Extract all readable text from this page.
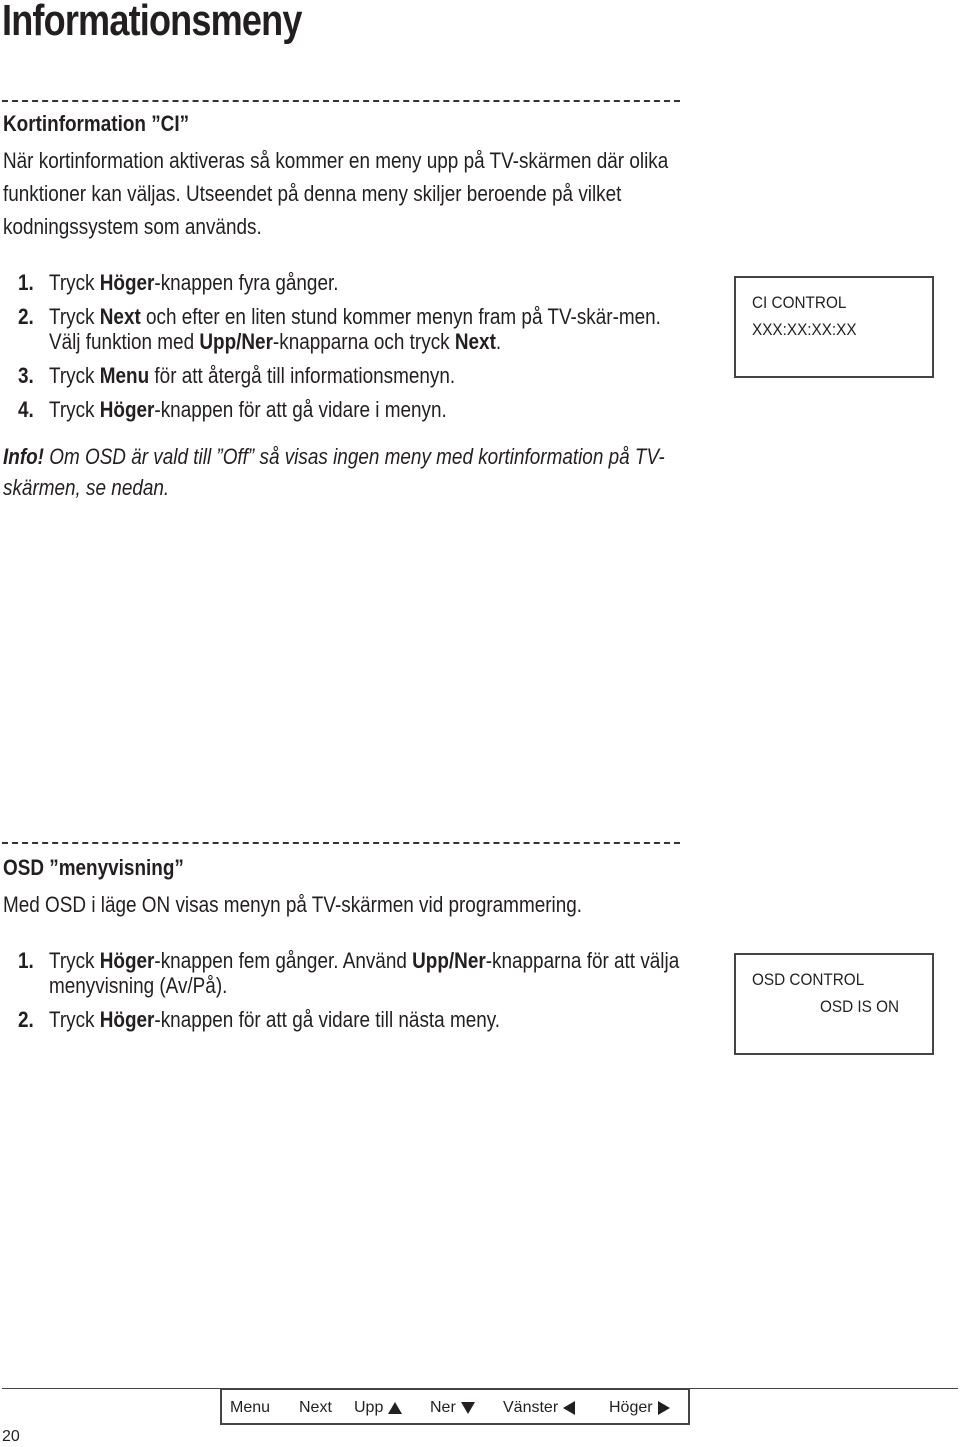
Informationsmeny
Kortinformation ”CI”
När kortinformation aktiveras så kommer en meny upp på TV-skärmen där olika funktioner kan väljas. Utseendet på denna meny skiljer beroende på vilket kodningssystem som används.
1. Tryck Höger-knappen fyra gånger.
2. Tryck Next och efter en liten stund kommer menyn fram på TV-skär-men. Välj funktion med Upp/Ner-knapparna och tryck Next.
3. Tryck Menu för att återgå till informationsmenyn.
4. Tryck Höger-knappen för att gå vidare i menyn.
Info! Om OSD är vald till ”Off” så visas ingen meny med kortinformation på TV-skärmen, se nedan.
CI CONTROL
XXX:XX:XX:XX
OSD ”menyvisning”
Med OSD i läge ON visas menyn på TV-skärmen vid programmering.
1. Tryck Höger-knappen fem gånger. Använd Upp/Ner-knapparna för att välja menyvisning (Av/På).
2. Tryck Höger-knappen för att gå vidare till nästa meny.
OSD CONTROL
OSD IS ON
Menu Next Upp	Ner	Vänster	Höger
20
